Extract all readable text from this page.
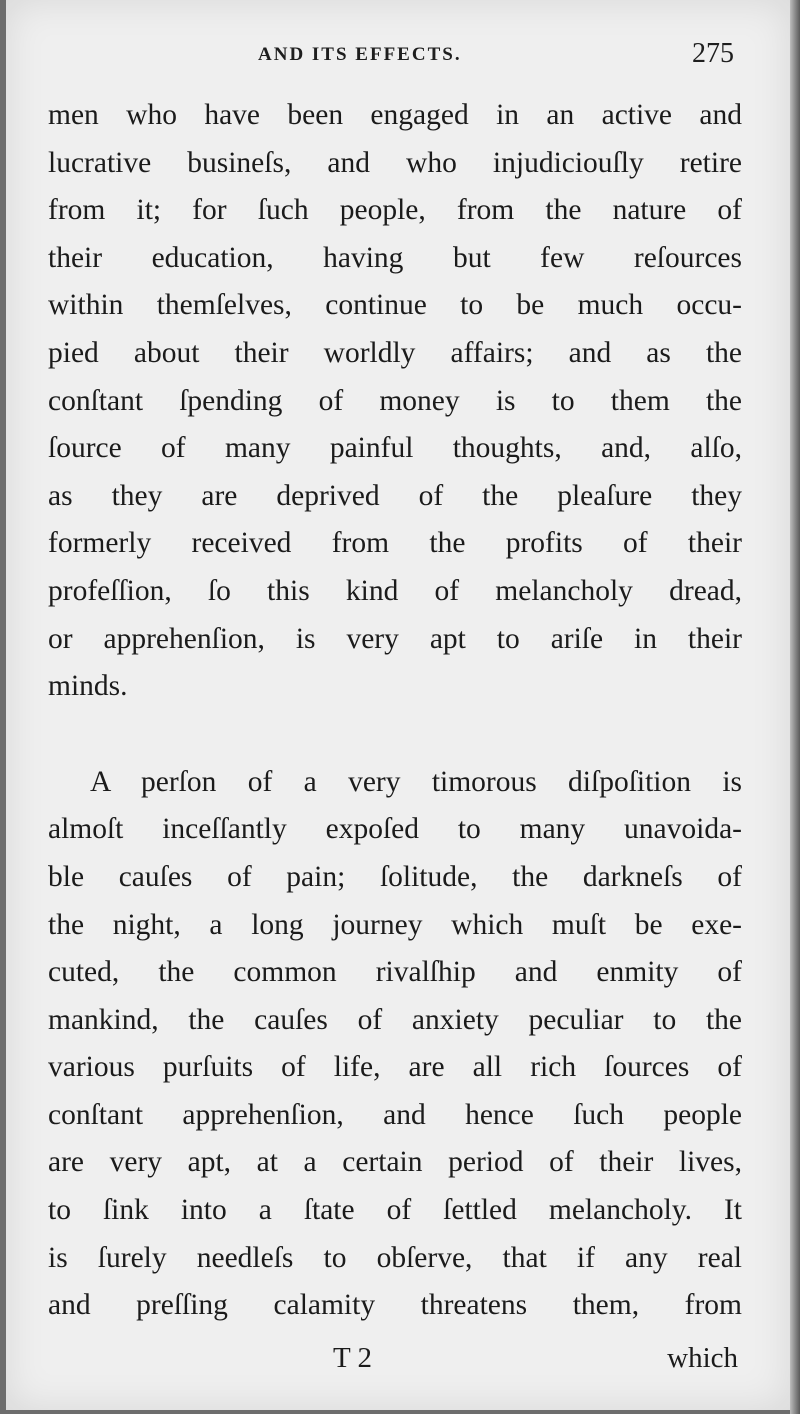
AND ITS EFFECTS.	275
men who have been engaged in an active and
lucrative busineſs, and who injudiciouſly retire
from it; for ſuch people, from the nature of
their education, having but few reſources
within themſelves, continue to be much occu-
pied about their worldly affairs; and as the
conſtant ſpending of money is to them the
ſource of many painful thoughts, and, alſo,
as they are deprived of the pleaſure they
formerly received from the profits of their
profeſſion, ſo this kind of melancholy dread,
or apprehenſion, is very apt to ariſe in their
minds.
A perſon of a very timorous diſpoſition is
almoſt inceſſantly expoſed to many unavoida-
ble cauſes of pain; ſolitude, the darkneſs of
the night, a long journey which muſt be exe-
cuted, the common rivalſhip and enmity of
mankind, the cauſes of anxiety peculiar to the
various purſuits of life, are all rich ſources of
conſtant apprehenſion, and hence ſuch people
are very apt, at a certain period of their lives,
to ſink into a ſtate of ſettled melancholy. It
is ſurely needleſs to obſerve, that if any real
and preſſing calamity threatens them, from
T 2	which
